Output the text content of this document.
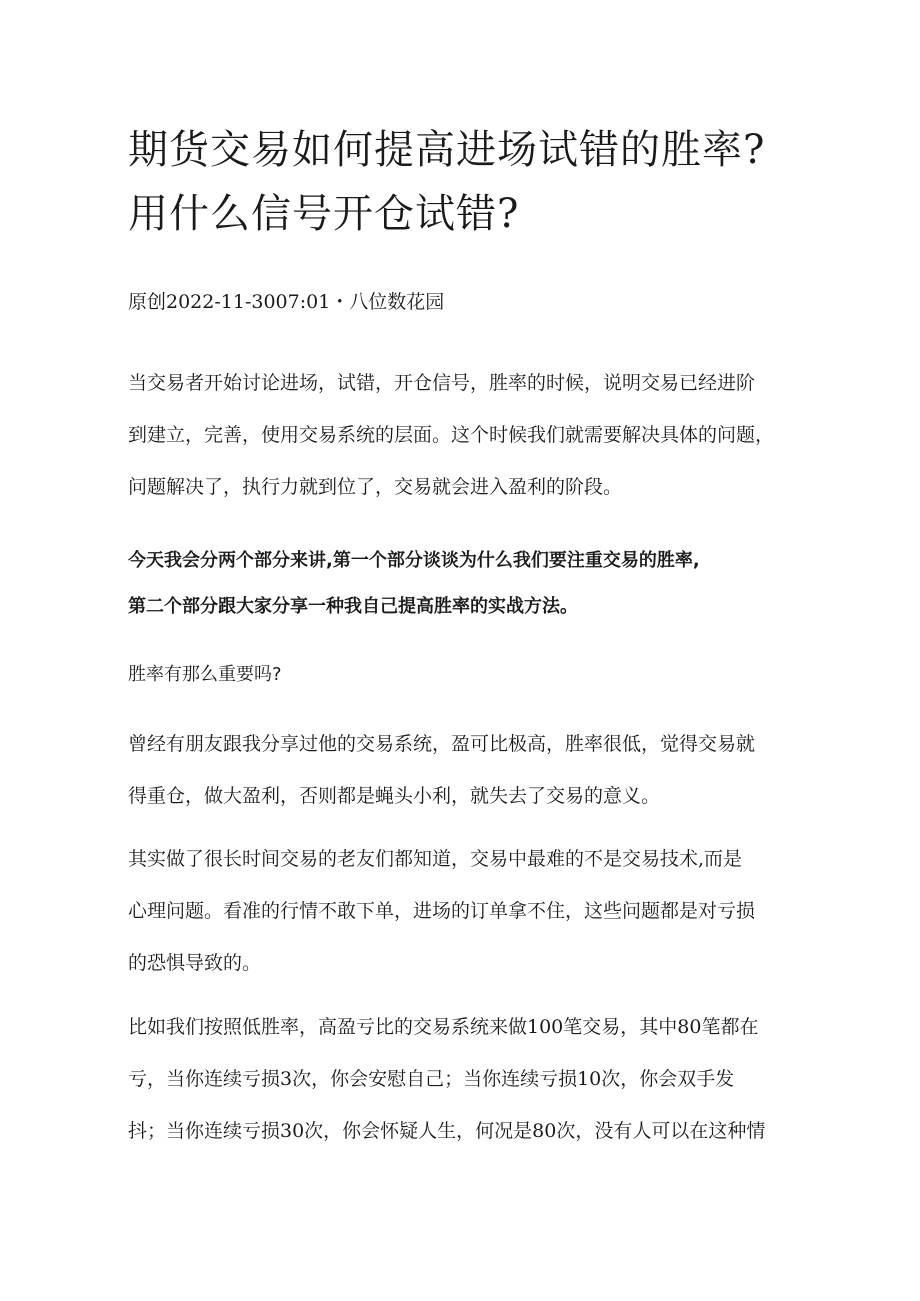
期货交易如何提高进场试错的胜率?
用什么信号开仓试错?
原创2022-11-3007:01・八位数花园

当交易者开始讨论进场，试错，开仓信号，胜率的时候，说明交易已经进阶
到建立，完善，使用交易系统的层面。这个时候我们就需要解决具体的问题，
问题解决了，执行力就到位了，交易就会进入盈利的阶段。

今天我会分两个部分来讲,第一个部分谈谈为什么我们要注重交易的胜率,
第二个部分跟大家分享一种我自己提高胜率的实战方法。

胜率有那么重要吗?

曾经有朋友跟我分享过他的交易系统，盈可比极高，胜率很低，觉得交易就
得重仓，做大盈利，否则都是蝇头小利，就失去了交易的意义。

其实做了很长时间交易的老友们都知道，交易中最难的不是交易技术,而是
心理问题。看准的行情不敢下单，进场的订单拿不住，这些问题都是对亏损
的恐惧导致的。

比如我们按照低胜率，高盈亏比的交易系统来做100笔交易，其中80笔都在
亏，当你连续亏损3次，你会安慰自己；当你连续亏损10次，你会双手发
抖；当你连续亏损30次，你会怀疑人生，何况是80次，没有人可以在这种情
